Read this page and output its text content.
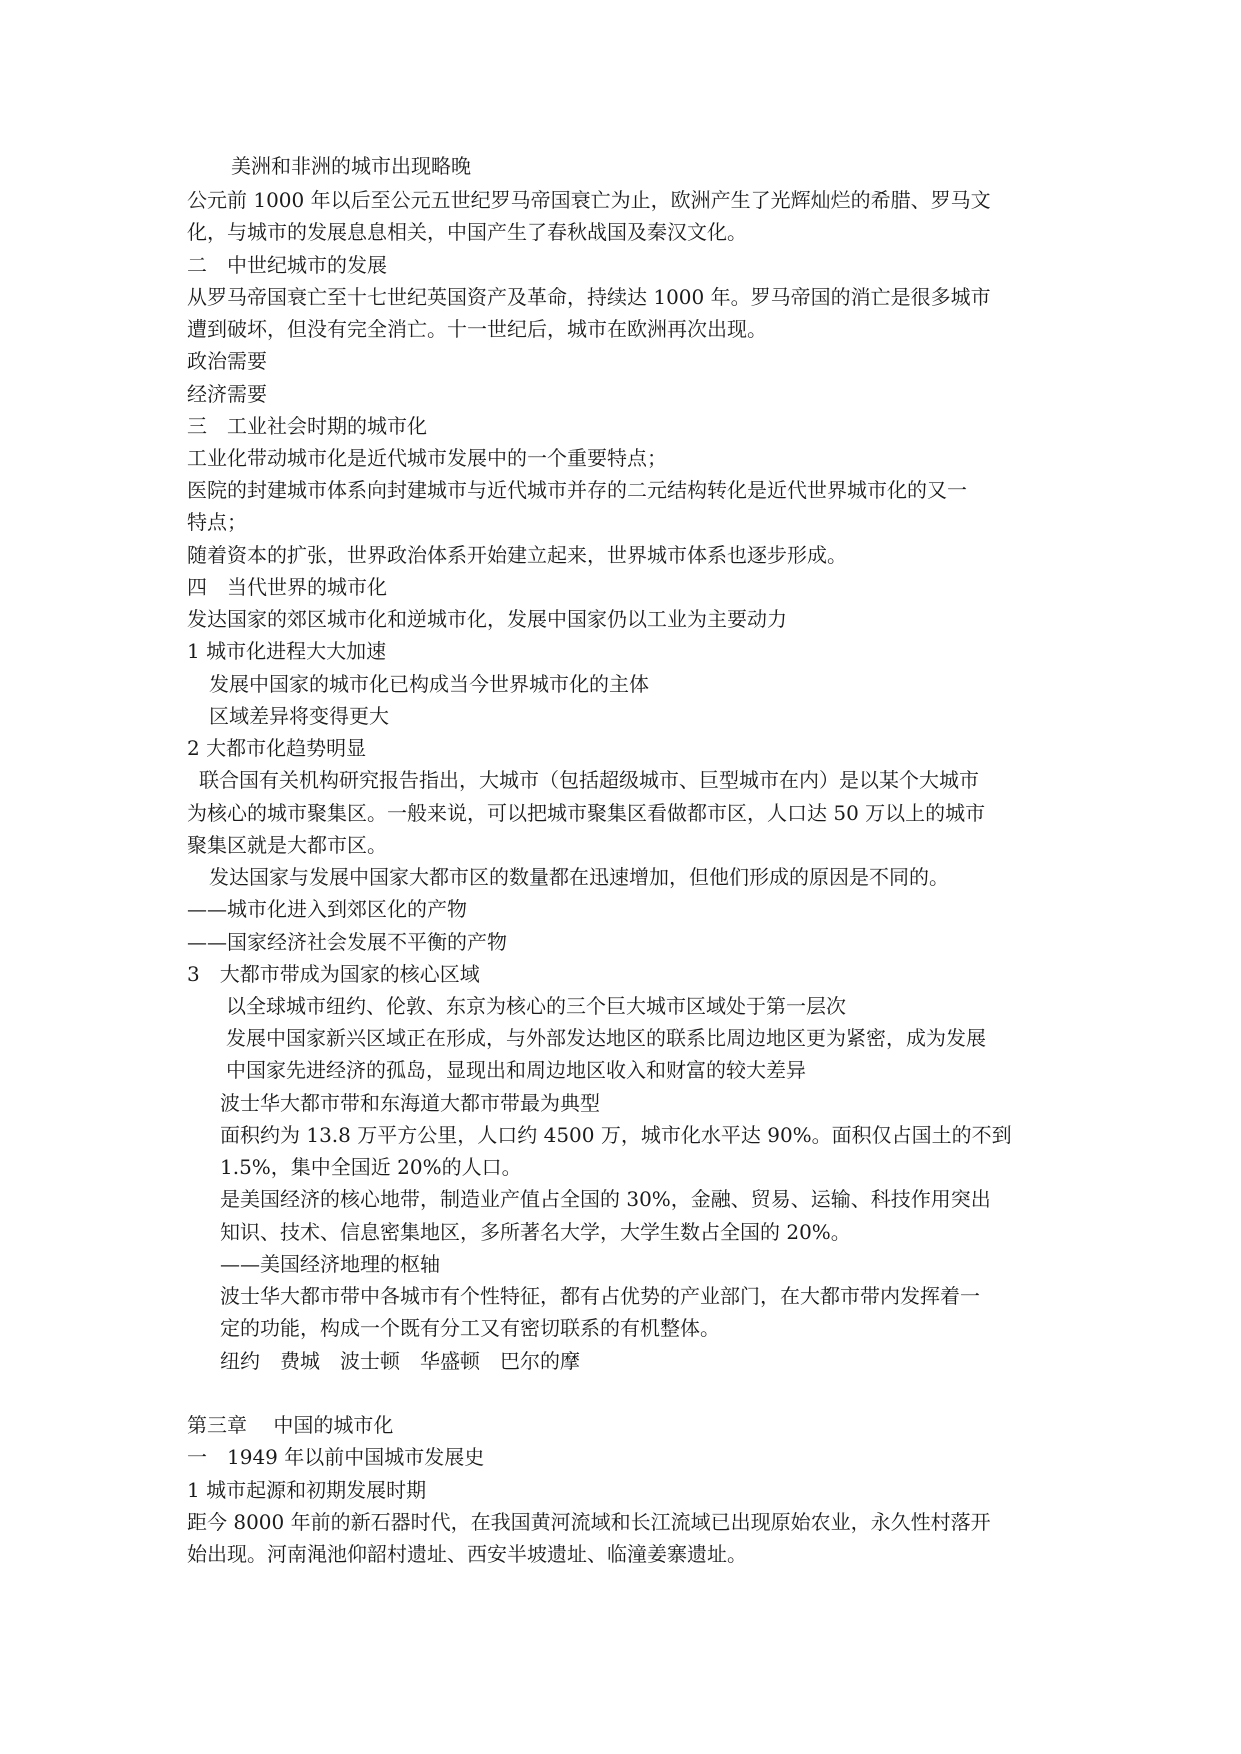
美洲和非洲的城市出现略晚
公元前 1000 年以后至公元五世纪罗马帝国衰亡为止，欧洲产生了光辉灿烂的希腊、罗马文
化，与城市的发展息息相关，中国产生了春秋战国及秦汉文化。
二　中世纪城市的发展
从罗马帝国衰亡至十七世纪英国资产及革命，持续达 1000 年。罗马帝国的消亡是很多城市
遭到破坏，但没有完全消亡。十一世纪后，城市在欧洲再次出现。
政治需要
经济需要
三　工业社会时期的城市化
工业化带动城市化是近代城市发展中的一个重要特点；
医院的封建城市体系向封建城市与近代城市并存的二元结构转化是近代世界城市化的又一
特点；
随着资本的扩张，世界政治体系开始建立起来，世界城市体系也逐步形成。
四　当代世界的城市化
发达国家的郊区城市化和逆城市化，发展中国家仍以工业为主要动力
1 城市化进程大大加速
发展中国家的城市化已构成当今世界城市化的主体
区域差异将变得更大
2 大都市化趋势明显
联合国有关机构研究报告指出，大城市（包括超级城市、巨型城市在内）是以某个大城市
为核心的城市聚集区。一般来说，可以把城市聚集区看做都市区，人口达 50 万以上的城市
聚集区就是大都市区。
发达国家与发展中国家大都市区的数量都在迅速增加，但他们形成的原因是不同的。
——城市化进入到郊区化的产物
——国家经济社会发展不平衡的产物
3　大都市带成为国家的核心区域
以全球城市纽约、伦敦、东京为核心的三个巨大城市区域处于第一层次
发展中国家新兴区域正在形成，与外部发达地区的联系比周边地区更为紧密，成为发展
中国家先进经济的孤岛，显现出和周边地区收入和财富的较大差异
波士华大都市带和东海道大都市带最为典型
面积约为 13.8 万平方公里，人口约 4500 万，城市化水平达 90%。面积仅占国土的不到
1.5%，集中全国近 20%的人口。
是美国经济的核心地带，制造业产值占全国的 30%，金融、贸易、运输、科技作用突出
知识、技术、信息密集地区，多所著名大学，大学生数占全国的 20%。
——美国经济地理的枢轴
波士华大都市带中各城市有个性特征，都有占优势的产业部门，在大都市带内发挥着一
定的功能，构成一个既有分工又有密切联系的有机整体。
纽约　费城　波士顿　华盛顿　巴尔的摩
第三章　 中国的城市化
一　1949 年以前中国城市发展史
1 城市起源和初期发展时期
距今 8000 年前的新石器时代，在我国黄河流域和长江流域已出现原始农业，永久性村落开
始出现。河南渑池仰韶村遗址、西安半坡遗址、临潼姜寨遗址。
